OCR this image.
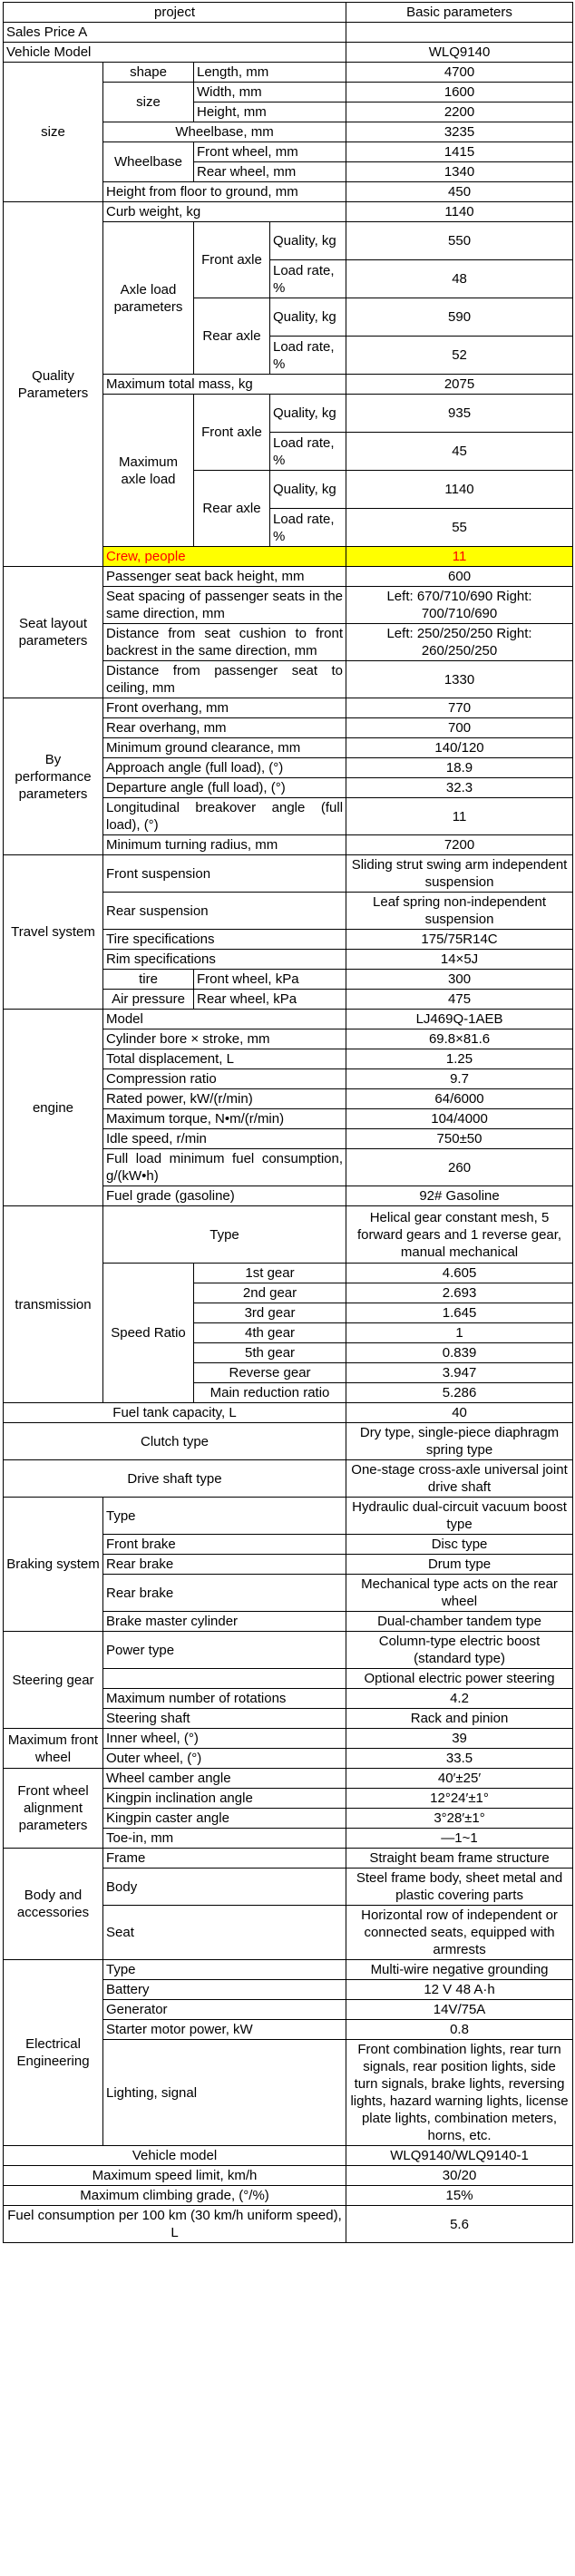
project				Basic parameters
Sales Price A				
Vehicle Model				WLQ9140
size	shape	Length, mm		4700
	size	Width, mm		1600
		Height, mm		2200
	Wheelbase, mm			3235
	Wheelbase	Front wheel, mm		1415
		Rear wheel, mm		1340
	Height from floor to ground, mm			450
Quality Parameters	Curb weight, kg			1140
	Axle load parameters	Front axle	Quality, kg	550
			Load rate, %	48
		Rear axle	Quality, kg	590
			Load rate, %	52
	Maximum total mass, kg			2075
	Maximum axle load	Front axle	Quality, kg	935
			Load rate, %	45
		Rear axle	Quality, kg	1140
			Load rate, %	55
	Crew, people			11
Seat layout parameters	Passenger seat back height, mm			600
	Seat spacing of passenger seats in the same direction, mm			Left: 670/710/690 Right: 700/710/690
	Distance from seat cushion to front backrest in the same direction, mm			Left: 250/250/250 Right: 260/250/250
	Distance from passenger seat to ceiling, mm			1330
By performance parameters	Front overhang, mm			770
	Rear overhang, mm			700
	Minimum ground clearance, mm			140/120
	Approach angle (full load), (°)			18.9
	Departure angle (full load), (°)			32.3
	Longitudinal breakover angle (full load), (°)			11
	Minimum turning radius, mm			7200
Travel system	Front suspension			Sliding strut swing arm independent suspension
	Rear suspension			Leaf spring non-independent suspension
	Tire specifications			175/75R14C
	Rim specifications			14×5J
	tire	Front wheel, kPa		300
	Air pressure	Rear wheel, kPa		475
engine	Model			LJ469Q-1AEB
	Cylinder bore × stroke, mm			69.8×81.6
	Total displacement, L			1.25
	Compression ratio			9.7
	Rated power, kW/(r/min)			64/6000
	Maximum torque, N•m/(r/min)			104/4000
	Idle speed, r/min			750±50
	Full load minimum fuel consumption, g/(kW•h)			260
	Fuel grade (gasoline)			92# Gasoline
transmission	Type			Helical gear constant mesh, 5 forward gears and 1 reverse gear, manual mechanical
	Speed Ratio	1st gear		4.605
		2nd gear		2.693
		3rd gear		1.645
		4th gear		1
		5th gear		0.839
		Reverse gear		3.947
		Main reduction ratio		5.286
Fuel tank capacity, L				40
Clutch type				Dry type, single-piece diaphragm spring type
Drive shaft type				One-stage cross-axle universal joint drive shaft
Braking system	Type			Hydraulic dual-circuit vacuum boost type
	Front brake			Disc type
	Rear brake			Drum type
	Rear brake			Mechanical type acts on the rear wheel
	Brake master cylinder			Dual-chamber tandem type
Steering gear	Power type			Column-type electric boost (standard type)
				Optional electric power steering
	Maximum number of rotations			4.2
	Steering shaft			Rack and pinion
Maximum front wheel	Inner wheel, (°)			39
	Outer wheel, (°)			33.5
Front wheel alignment parameters	Wheel camber angle			40′±25′
	Kingpin inclination angle			12°24′±1°
	Kingpin caster angle			3°28′±1°
	Toe-in, mm			—1~1
Body and accessories	Frame			Straight beam frame structure
	Body			Steel frame body, sheet metal and plastic covering parts
	Seat			Horizontal row of independent or connected seats, equipped with armrests
Electrical Engineering	Type			Multi-wire negative grounding
	Battery			12 V 48 A·h
	Generator			14V/75A
	Starter motor power, kW			0.8
	Lighting, signal			Front combination lights, rear turn signals, rear position lights, side turn signals, brake lights, reversing lights, hazard warning lights, license plate lights, combination meters, horns, etc.
Vehicle model				WLQ9140/WLQ9140-1
Maximum speed limit, km/h				30/20
Maximum climbing grade, (°/%)				15%
Fuel consumption per 100 km (30 km/h uniform speed), L				5.6
